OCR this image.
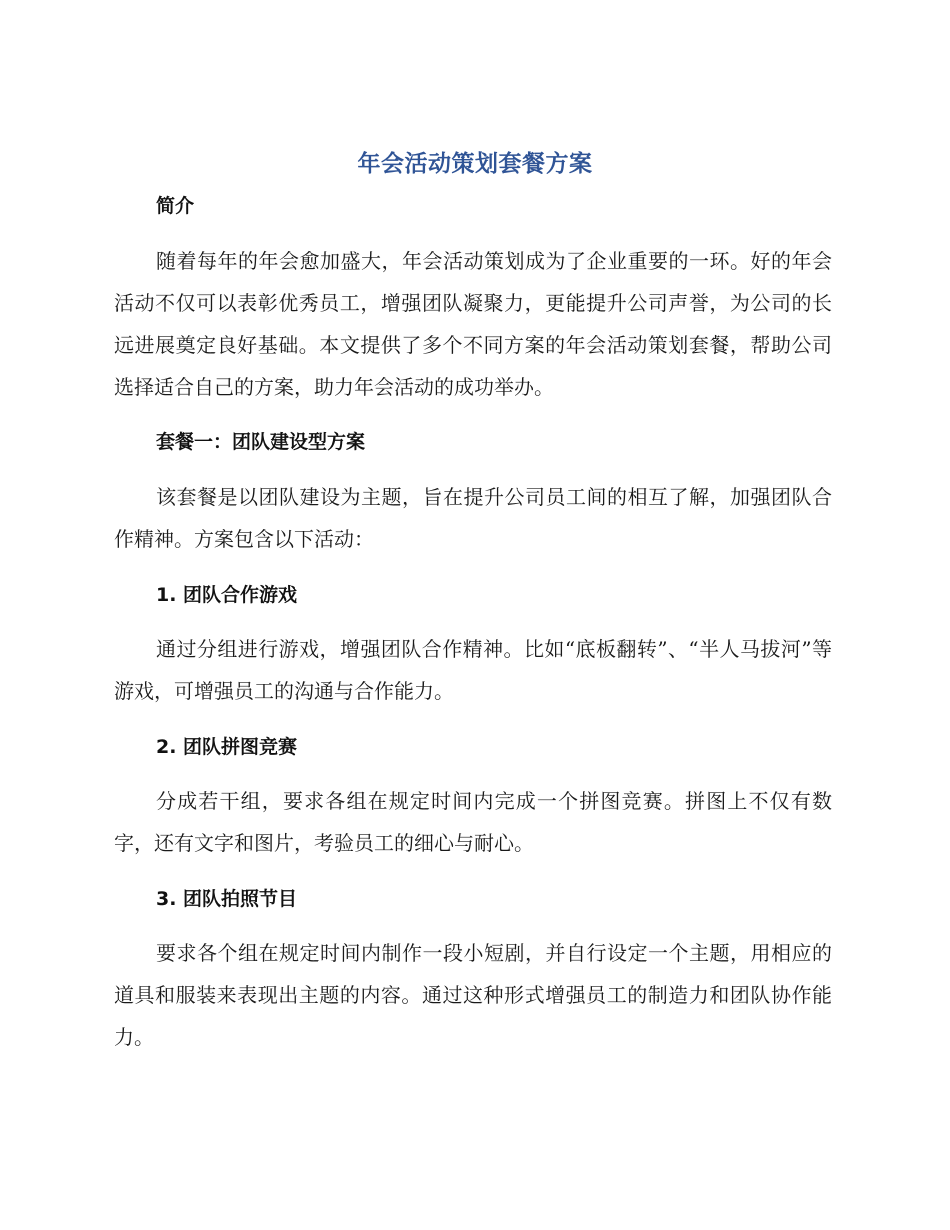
年会活动策划套餐方案
简介
随着每年的年会愈加盛大，年会活动策划成为了企业重要的一环。好的年会活动不仅可以表彰优秀员工，增强团队凝聚力，更能提升公司声誉，为公司的长远进展奠定良好基础。本文提供了多个不同方案的年会活动策划套餐，帮助公司选择适合自己的方案，助力年会活动的成功举办。
套餐一：团队建设型方案
该套餐是以团队建设为主题，旨在提升公司员工间的相互了解，加强团队合作精神。方案包含以下活动：
1. 团队合作游戏
通过分组进行游戏，增强团队合作精神。比如“底板翻转”、“半人马拔河”等游戏，可增强员工的沟通与合作能力。
2. 团队拼图竞赛
分成若干组，要求各组在规定时间内完成一个拼图竞赛。拼图上不仅有数字，还有文字和图片，考验员工的细心与耐心。
3. 团队拍照节目
要求各个组在规定时间内制作一段小短剧，并自行设定一个主题，用相应的道具和服装来表现出主题的内容。通过这种形式增强员工的制造力和团队协作能力。
